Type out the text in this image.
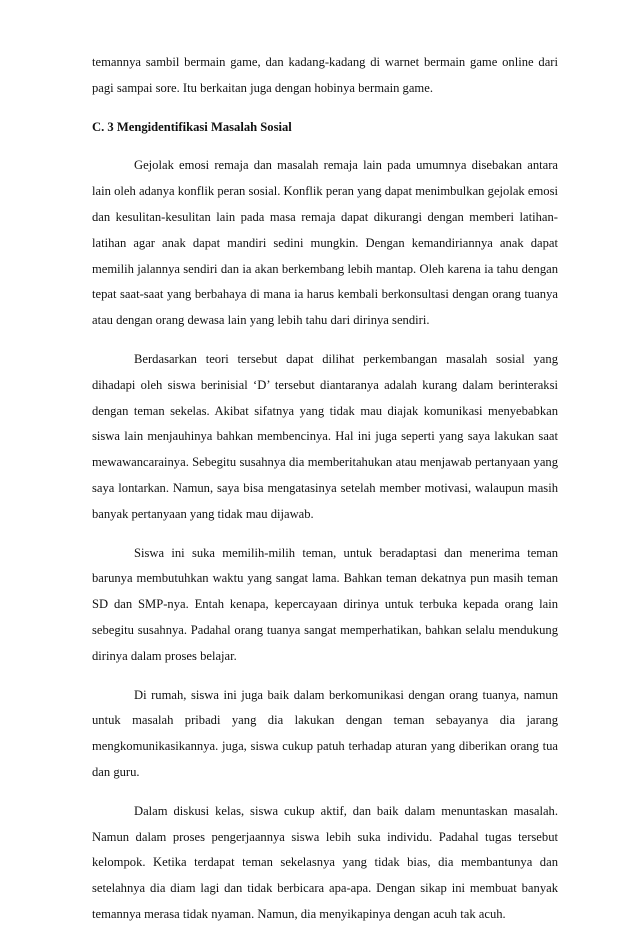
temannya sambil bermain game, dan kadang-kadang di warnet bermain game online dari pagi sampai sore. Itu berkaitan juga dengan hobinya bermain game.

C. 3 Mengidentifikasi Masalah Sosial

Gejolak emosi remaja dan masalah remaja lain pada umumnya disebakan antara lain oleh adanya konflik peran sosial. Konflik peran yang dapat menimbulkan gejolak emosi dan kesulitan-kesulitan lain pada masa remaja dapat dikurangi dengan memberi latihan-latihan agar anak dapat mandiri sedini mungkin. Dengan kemandiriannya anak dapat memilih jalannya sendiri dan ia akan berkembang lebih mantap. Oleh karena ia tahu dengan tepat saat-saat yang berbahaya di mana ia harus kembali berkonsultasi dengan orang tuanya atau dengan orang dewasa lain yang lebih tahu dari dirinya sendiri.

Berdasarkan teori tersebut dapat dilihat perkembangan masalah sosial yang dihadapi oleh siswa berinisial ‘D’ tersebut diantaranya adalah kurang dalam berinteraksi dengan teman sekelas. Akibat sifatnya yang tidak mau diajak komunikasi menyebabkan siswa lain menjauhinya bahkan membencinya. Hal ini juga seperti yang saya lakukan saat mewawancarainya. Sebegitu susahnya dia memberitahukan atau menjawab pertanyaan yang saya lontarkan. Namun, saya bisa mengatasinya setelah member motivasi, walaupun masih banyak pertanyaan yang tidak mau dijawab.

Siswa ini suka memilih-milih teman, untuk beradaptasi dan menerima teman barunya membutuhkan waktu yang sangat lama. Bahkan teman dekatnya pun masih teman SD dan SMP-nya. Entah kenapa, kepercayaan dirinya untuk terbuka kepada orang lain sebegitu susahnya. Padahal orang tuanya sangat memperhatikan, bahkan selalu mendukung dirinya dalam proses belajar.

Di rumah, siswa ini juga baik dalam berkomunikasi dengan orang tuanya, namun untuk masalah pribadi yang dia lakukan dengan teman sebayanya dia jarang mengkomunikasikannya. juga, siswa cukup patuh terhadap aturan yang diberikan orang tua dan guru.

Dalam diskusi kelas, siswa cukup aktif, dan baik dalam menuntaskan masalah. Namun dalam proses pengerjaannya siswa lebih suka individu. Padahal tugas tersebut kelompok. Ketika terdapat teman sekelasnya yang tidak bias, dia membantunya dan setelahnya dia diam lagi dan tidak berbicara apa-apa. Dengan sikap ini membuat banyak temannya merasa tidak nyaman. Namun, dia menyikapinya dengan acuh tak acuh.
